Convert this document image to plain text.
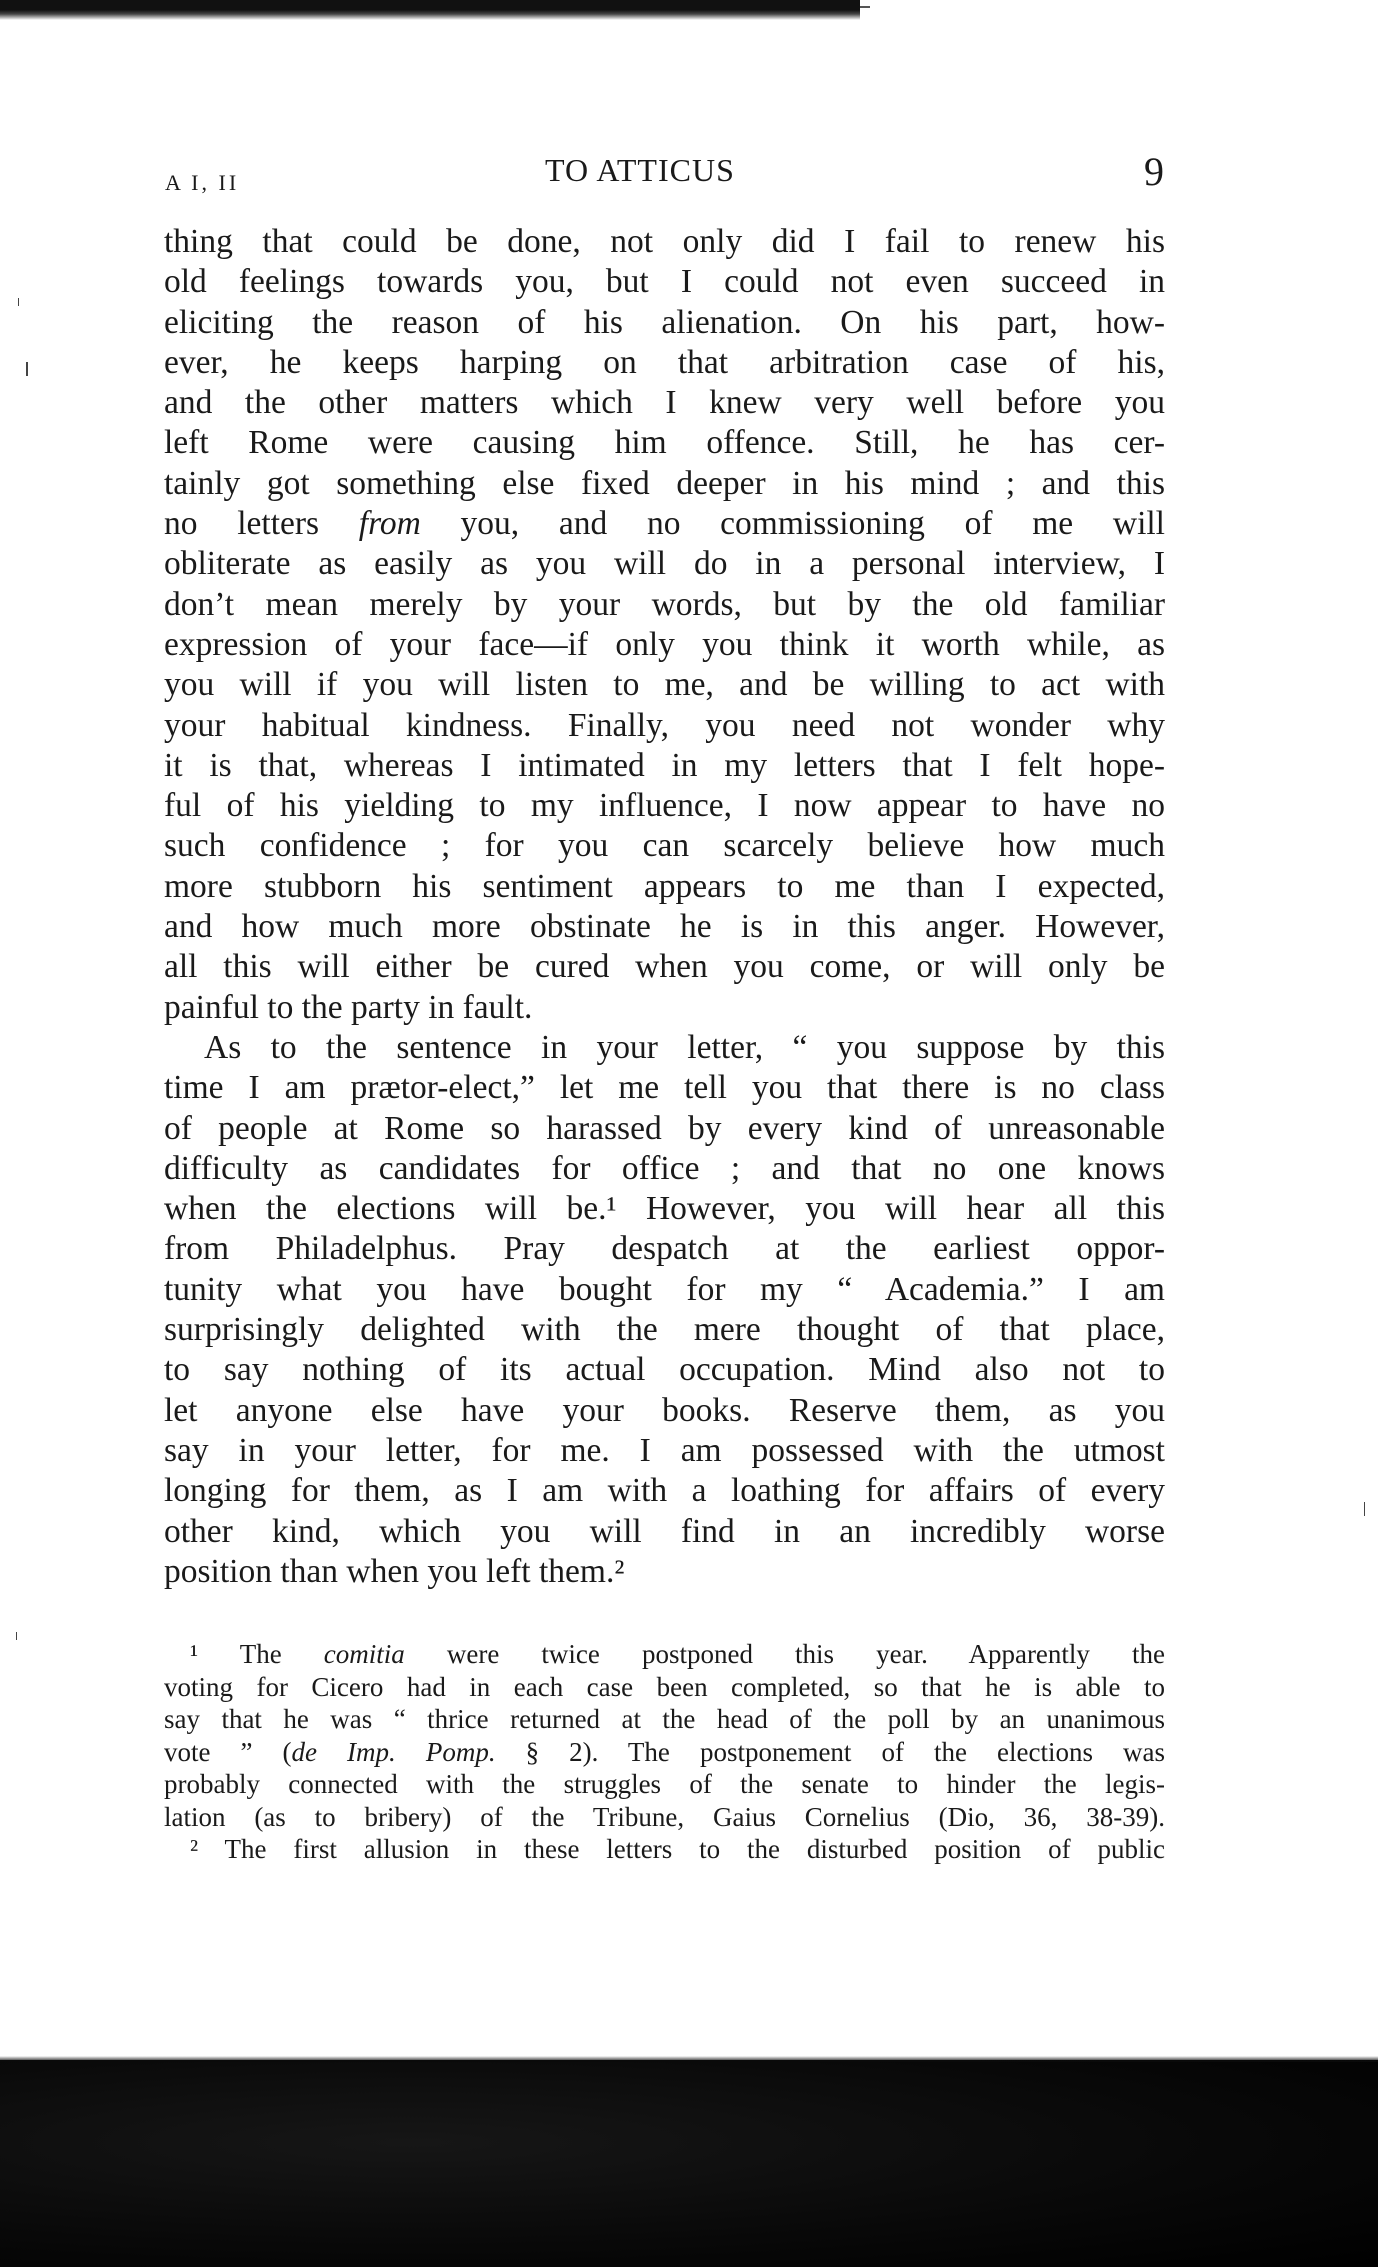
A I, II	TO ATTICUS	9
thing that could be done, not only did I fail to renew his
old feelings towards you, but I could not even succeed in
eliciting the reason of his alienation. On his part, how-
ever, he keeps harping on that arbitration case of his,
and the other matters which I knew very well before you
left Rome were causing him offence. Still, he has cer-
tainly got something else fixed deeper in his mind ; and this
no letters from you, and no commissioning of me will
obliterate as easily as you will do in a personal interview, I
don’t mean merely by your words, but by the old familiar
expression of your face—if only you think it worth while, as
you will if you will listen to me, and be willing to act with
your habitual kindness. Finally, you need not wonder why
it is that, whereas I intimated in my letters that I felt hope-
ful of his yielding to my influence, I now appear to have no
such confidence ; for you can scarcely believe how much
more stubborn his sentiment appears to me than I expected,
and how much more obstinate he is in this anger. However,
all this will either be cured when you come, or will only be
painful to the party in fault.
As to the sentence in your letter, “ you suppose by this
time I am prætor-elect,” let me tell you that there is no class
of people at Rome so harassed by every kind of unreasonable
difficulty as candidates for office ; and that no one knows
when the elections will be.¹ However, you will hear all this
from Philadelphus. Pray despatch at the earliest oppor-
tunity what you have bought for my “ Academia.” I am
surprisingly delighted with the mere thought of that place,
to say nothing of its actual occupation. Mind also not to
let anyone else have your books. Reserve them, as you
say in your letter, for me. I am possessed with the utmost
longing for them, as I am with a loathing for affairs of every
other kind, which you will find in an incredibly worse
position than when you left them.²
¹ The comitia were twice postponed this year. Apparently the
voting for Cicero had in each case been completed, so that he is able to
say that he was “ thrice returned at the head of the poll by an unanimous
vote ” (de Imp. Pomp. § 2). The postponement of the elections was
probably connected with the struggles of the senate to hinder the legis-
lation (as to bribery) of the Tribune, Gaius Cornelius (Dio, 36, 38-39).
² The first allusion in these letters to the disturbed position of public
